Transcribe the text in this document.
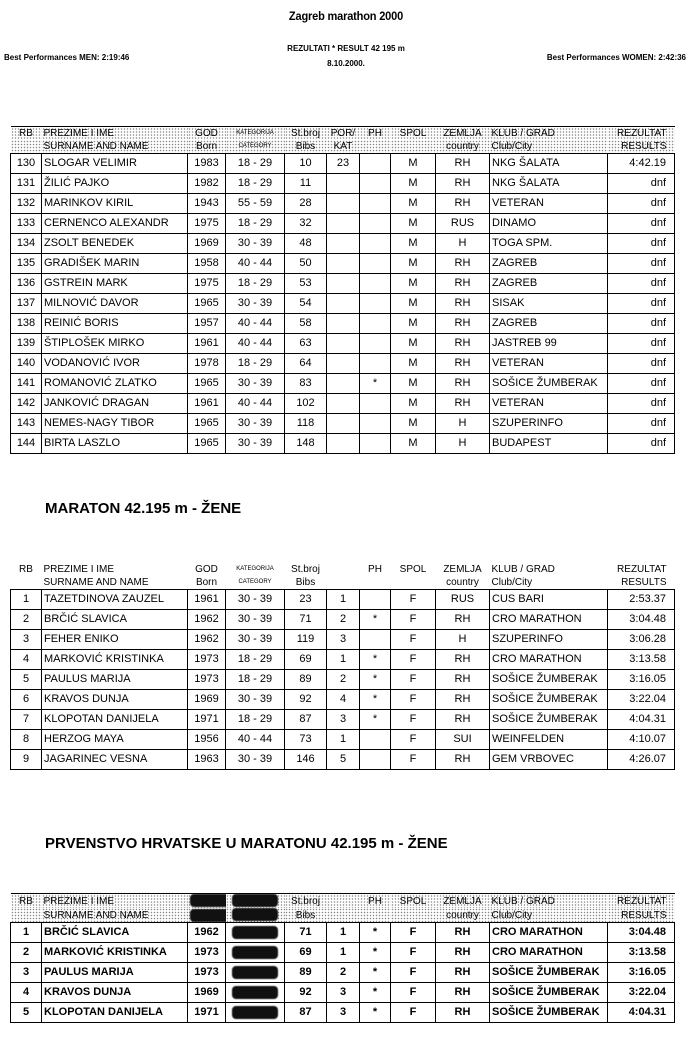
Zagreb marathon 2000
REZULTATI * RESULT 42 195 m
8.10.2000.
Best Performances MEN: 2:19:46	Best Performances WOMEN: 2:42:36
RB	PREZIME I IME	GOD	KATEGORIJA	St.broj	POR/	PH	SPOL	ZEMLJA	KLUB / GRAD	REZULTAT
	SURNAME AND NAME	Born	CATEGORY	Bibs	KAT			country	Club/City	RESULTS
130	SLOGAR VELIMIR	1983	18 - 29	10	23		M	RH	NKG ŠALATA	4:42.19
131	ŽILIĆ PAJKO	1982	18 - 29	11			M	RH	NKG ŠALATA	dnf
132	MARINKOV KIRIL	1943	55 - 59	28			M	RH	VETERAN	dnf
133	CERNENCO ALEXANDR	1975	18 - 29	32			M	RUS	DINAMO	dnf
134	ZSOLT BENEDEK	1969	30 - 39	48			M	H	TOGA SPM.	dnf
135	GRADIŠEK MARIN	1958	40 - 44	50			M	RH	ZAGREB	dnf
136	GSTREIN MARK	1975	18 - 29	53			M	RH	ZAGREB	dnf
137	MILNOVIĆ DAVOR	1965	30 - 39	54			M	RH	SISAK	dnf
138	REINIĆ BORIS	1957	40 - 44	58			M	RH	ZAGREB	dnf
139	ŠTIPLOŠEK MIRKO	1961	40 - 44	63			M	RH	JASTREB 99	dnf
140	VODANOVIĆ IVOR	1978	18 - 29	64			M	RH	VETERAN	dnf
141	ROMANOVIĆ ZLATKO	1965	30 - 39	83		*	M	RH	SOŠICE ŽUMBERAK	dnf
142	JANKOVIĆ DRAGAN	1961	40 - 44	102			M	RH	VETERAN	dnf
143	NEMES-NAGY TIBOR	1965	30 - 39	118			M	H	SZUPERINFO	dnf
144	BIRTA LASZLO	1965	30 - 39	148			M	H	BUDAPEST	dnf
MARATON 42.195 m - ŽENE
RB	PREZIME I IME	GOD	KATEGORIJA	St.broj		PH	SPOL	ZEMLJA	KLUB / GRAD	REZULTAT
	SURNAME AND NAME	Born	CATEGORY	Bibs				country	Club/City	RESULTS
1	TAZETDINOVA ZAUZEL	1961	30 - 39	23	1		F	RUS	CUS BARI	2:53.37
2	BRČIĆ SLAVICA	1962	30 - 39	71	2	*	F	RH	CRO MARATHON	3:04.48
3	FEHER ENIKO	1962	30 - 39	119	3		F	H	SZUPERINFO	3:06.28
4	MARKOVIĆ KRISTINKA	1973	18 - 29	69	1	*	F	RH	CRO MARATHON	3:13.58
5	PAULUS MARIJA	1973	18 - 29	89	2	*	F	RH	SOŠICE ŽUMBERAK	3:16.05
6	KRAVOS DUNJA	1969	30 - 39	92	4	*	F	RH	SOŠICE ŽUMBERAK	3:22.04
7	KLOPOTAN DANIJELA	1971	18 - 29	87	3	*	F	RH	SOŠICE ŽUMBERAK	4:04.31
8	HERZOG MAYA	1956	40 - 44	73	1		F	SUI	WEINFELDEN	4:10.07
9	JAGARINEC VESNA	1963	30 - 39	146	5		F	RH	GEM VRBOVEC	4:26.07
PRVENSTVO HRVATSKE U MARATONU 42.195 m - ŽENE
RB	PREZIME I IME			St.broj		PH	SPOL	ZEMLJA	KLUB / GRAD	REZULTAT
	SURNAME AND NAME			Bibs				country	Club/City	RESULTS
1	BRČIĆ SLAVICA	1962		71	1	*	F	RH	CRO MARATHON	3:04.48
2	MARKOVIĆ KRISTINKA	1973		69	1	*	F	RH	CRO MARATHON	3:13.58
3	PAULUS MARIJA	1973		89	2	*	F	RH	SOŠICE ŽUMBERAK	3:16.05
4	KRAVOS DUNJA	1969		92	3	*	F	RH	SOŠICE ŽUMBERAK	3:22.04
5	KLOPOTAN DANIJELA	1971		87	3	*	F	RH	SOŠICE ŽUMBERAK	4:04.31
